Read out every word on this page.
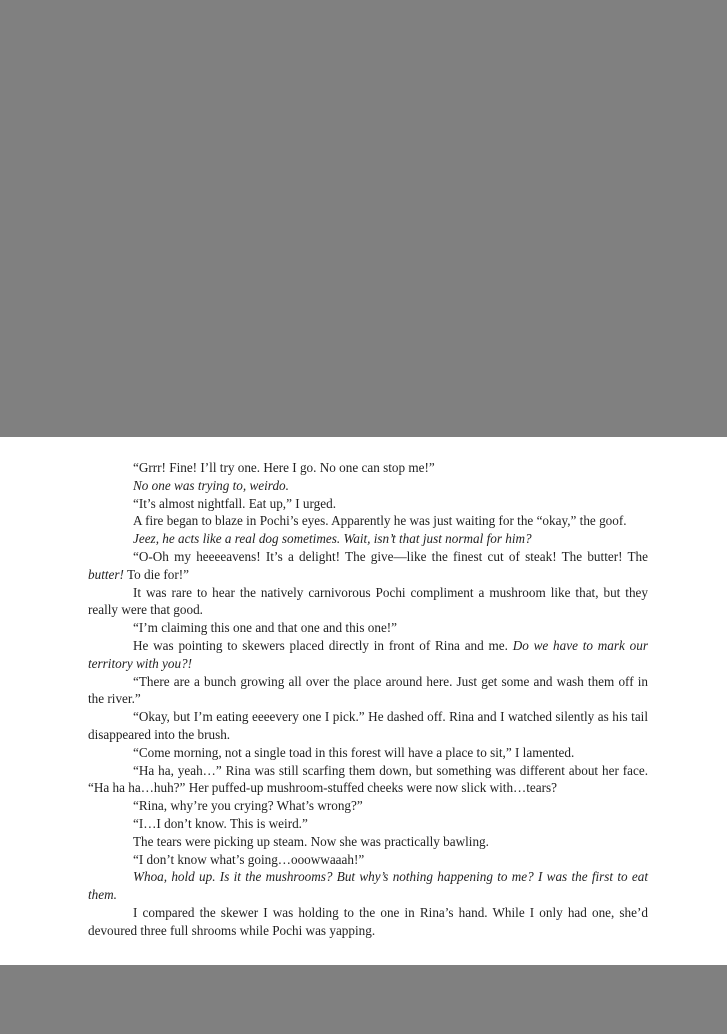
“Grrr! Fine! I’ll try one. Here I go. No one can stop me!”

No one was trying to, weirdo.

“It’s almost nightfall. Eat up,” I urged.

A fire began to blaze in Pochi’s eyes. Apparently he was just waiting for the “okay,” the goof.

Jeez, he acts like a real dog sometimes. Wait, isn’t that just normal for him?

“O-Oh my heeeeavens! It’s a delight! The give—like the finest cut of steak! The butter! The butter! To die for!”

It was rare to hear the natively carnivorous Pochi compliment a mushroom like that, but they really were that good.

“I’m claiming this one and that one and this one!”

He was pointing to skewers placed directly in front of Rina and me. Do we have to mark our territory with you?!

“There are a bunch growing all over the place around here. Just get some and wash them off in the river.”

“Okay, but I’m eating eeeevery one I pick.” He dashed off. Rina and I watched silently as his tail disappeared into the brush.

“Come morning, not a single toad in this forest will have a place to sit,” I lamented.

“Ha ha, yeah…” Rina was still scarfing them down, but something was different about her face. “Ha ha ha…huh?” Her puffed-up mushroom-stuffed cheeks were now slick with…tears?

“Rina, why’re you crying? What’s wrong?”

“I…I don’t know. This is weird.”

The tears were picking up steam. Now she was practically bawling.

“I don’t know what’s going…ooowwaaah!”

Whoa, hold up. Is it the mushrooms? But why’s nothing happening to me? I was the first to eat them.

I compared the skewer I was holding to the one in Rina’s hand. While I only had one, she’d devoured three full shrooms while Pochi was yapping.
